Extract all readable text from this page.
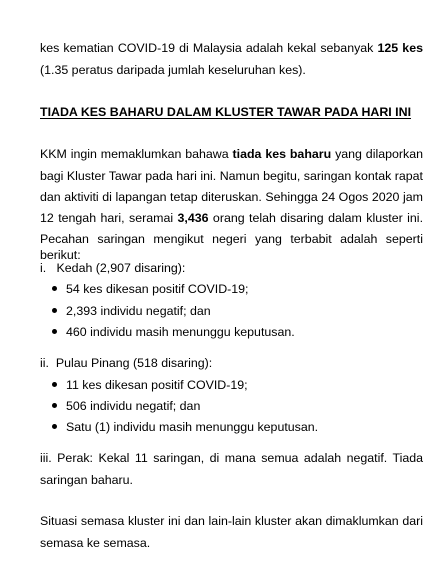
kes kematian COVID-19 di Malaysia adalah kekal sebanyak 125 kes
(1.35 peratus daripada jumlah keseluruhan kes).
TIADA KES BAHARU DALAM KLUSTER TAWAR PADA HARI INI
KKM ingin memaklumkan bahawa tiada kes baharu yang dilaporkan
bagi Kluster Tawar pada hari ini. Namun begitu, saringan kontak rapat
dan aktiviti di lapangan tetap diteruskan. Sehingga 24 Ogos 2020 jam
12 tengah hari, seramai 3,436 orang telah disaring dalam kluster ini.
Pecahan saringan mengikut negeri yang terbabit adalah seperti berikut:
i.   Kedah (2,907 disaring):
54 kes dikesan positif COVID-19;
2,393 individu negatif; dan
460 individu masih menunggu keputusan.
ii.  Pulau Pinang (518 disaring):
11 kes dikesan positif COVID-19;
506 individu negatif; dan
Satu (1) individu masih menunggu keputusan.
iii. Perak: Kekal 11 saringan, di mana semua adalah negatif. Tiada
saringan baharu.
Situasi semasa kluster ini dan lain-lain kluster akan dimaklumkan dari
semasa ke semasa.
